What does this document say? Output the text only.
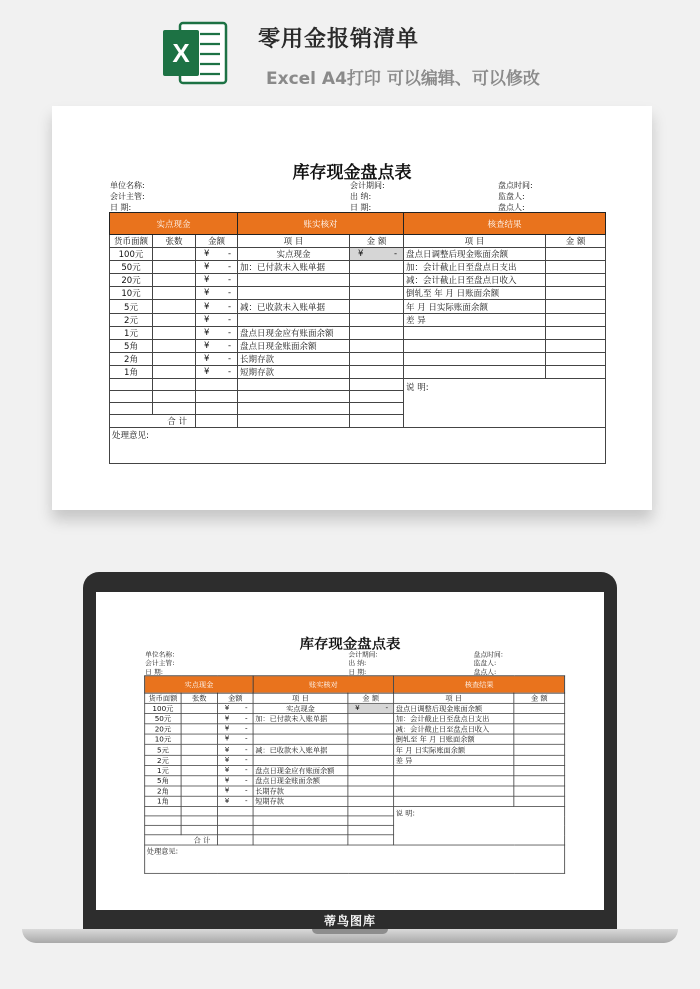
X	零用金报销清单
Excel A4打印 可以编辑、可以修改
库存现金盘点表
单位名称:
会计主管:
日 期:
会计期间:
出 纳:
日 期:
盘点时间:
监盘人:
盘点人:
实点现金			账实核对		核查结果	
货币面额	张数	金额	项 目	金 额	项 目	金 额
100元		¥ -	实点现金	¥ -	盘点日调整后现金账面余额	
50元		¥ -	加：已付款未入账单据		加：会计截止日至盘点日支出	
20元		¥ -			减：会计截止日至盘点日收入	
10元		¥ -			倒轧至 年 月 日账面余额	
5元		¥ -	减：已收款未入账单据		年 月 日实际账面余额	
2元		¥ -			差 异	
1元		¥ -	盘点日现金应有账面余额			
5角		¥ -	盘点日现金账面余额			
2角		¥ -	长期存款			
1角		¥ -	短期存款			
					说 明:	

合 计						
处理意见:						
库存现金盘点表
单位名称:
会计主管:
日 期:
会计期间:
出 纳:
日 期:
盘点时间:
监盘人:
盘点人:
实点现金			账实核对		核查结果	
货币面额	张数	金额	项 目	金 额	项 目	金 额
100元		¥ -	实点现金	¥ -	盘点日调整后现金账面余额	
50元		¥ -	加：已付款未入账单据		加：会计截止日至盘点日支出	
20元		¥ -			减：会计截止日至盘点日收入	
10元		¥ -			倒轧至 年 月 日账面余额	
5元		¥ -	减：已收款未入账单据		年 月 日实际账面余额	
2元		¥ -			差 异	
1元		¥ -	盘点日现金应有账面余额			
5角		¥ -	盘点日现金账面余额			
2角		¥ -	长期存款			
1角		¥ -	短期存款			
					说 明:	

合 计						
处理意见:						
蒂鸟图库
